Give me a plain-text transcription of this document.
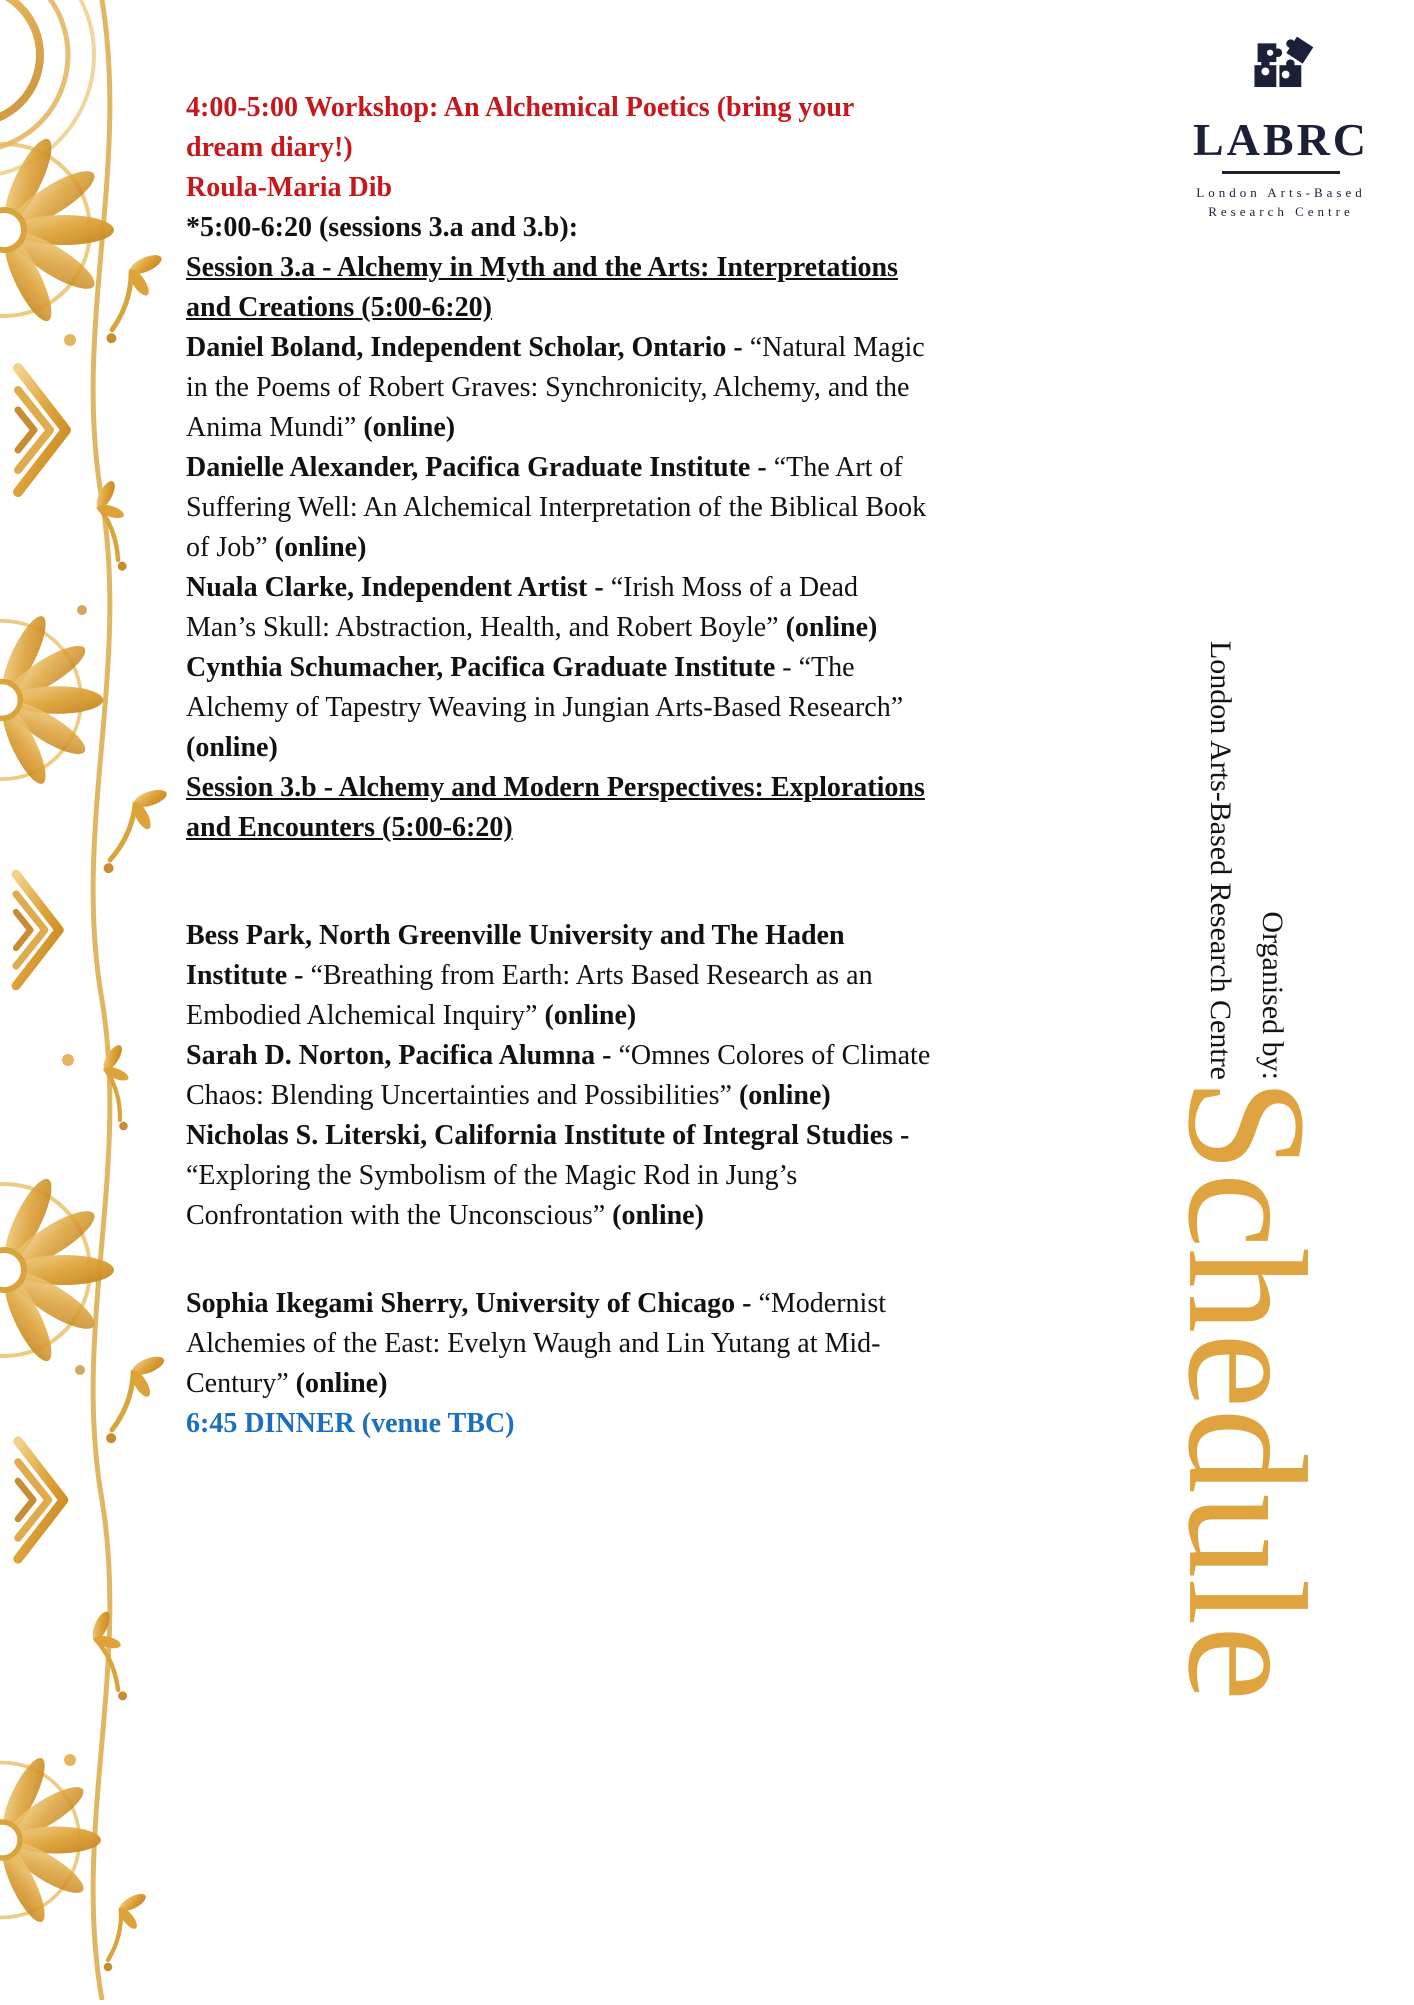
4:00-5:00 Workshop: An Alchemical Poetics (bring your dream diary!)
Roula-Maria Dib

*5:00-6:20 (sessions 3.a and 3.b):

Session 3.a - Alchemy in Myth and the Arts: Interpretations and Creations (5:00-6:20)

Daniel Boland, Independent Scholar, Ontario - “Natural Magic in the Poems of Robert Graves: Synchronicity, Alchemy, and the Anima Mundi” (online)

Danielle Alexander, Pacifica Graduate Institute - “The Art of Suffering Well: An Alchemical Interpretation of the Biblical Book of Job” (online)

Nuala Clarke, Independent Artist - “Irish Moss of a Dead Man’s Skull: Abstraction, Health, and Robert Boyle” (online)

Cynthia Schumacher, Pacifica Graduate Institute - “The Alchemy of Tapestry Weaving in Jungian Arts-Based Research” (online)

Session 3.b - Alchemy and Modern Perspectives: Explorations and Encounters (5:00-6:20)

Bess Park, North Greenville University and The Haden Institute - “Breathing from Earth: Arts Based Research as an Embodied Alchemical Inquiry” (online)

Sarah D. Norton, Pacifica Alumna - “Omnes Colores of Climate Chaos: Blending Uncertainties and Possibilities” (online)

Nicholas S. Literski, California Institute of Integral Studies - “Exploring the Symbolism of the Magic Rod in Jung’s Confrontation with the Unconscious” (online)

Sophia Ikegami Sherry, University of Chicago - “Modernist Alchemies of the East: Evelyn Waugh and Lin Yutang at Mid-Century” (online)

6:45 DINNER (venue TBC)

LABRC
London Arts-Based
Research Centre
Organised by:
London Arts-Based Research Centre
Schedule
